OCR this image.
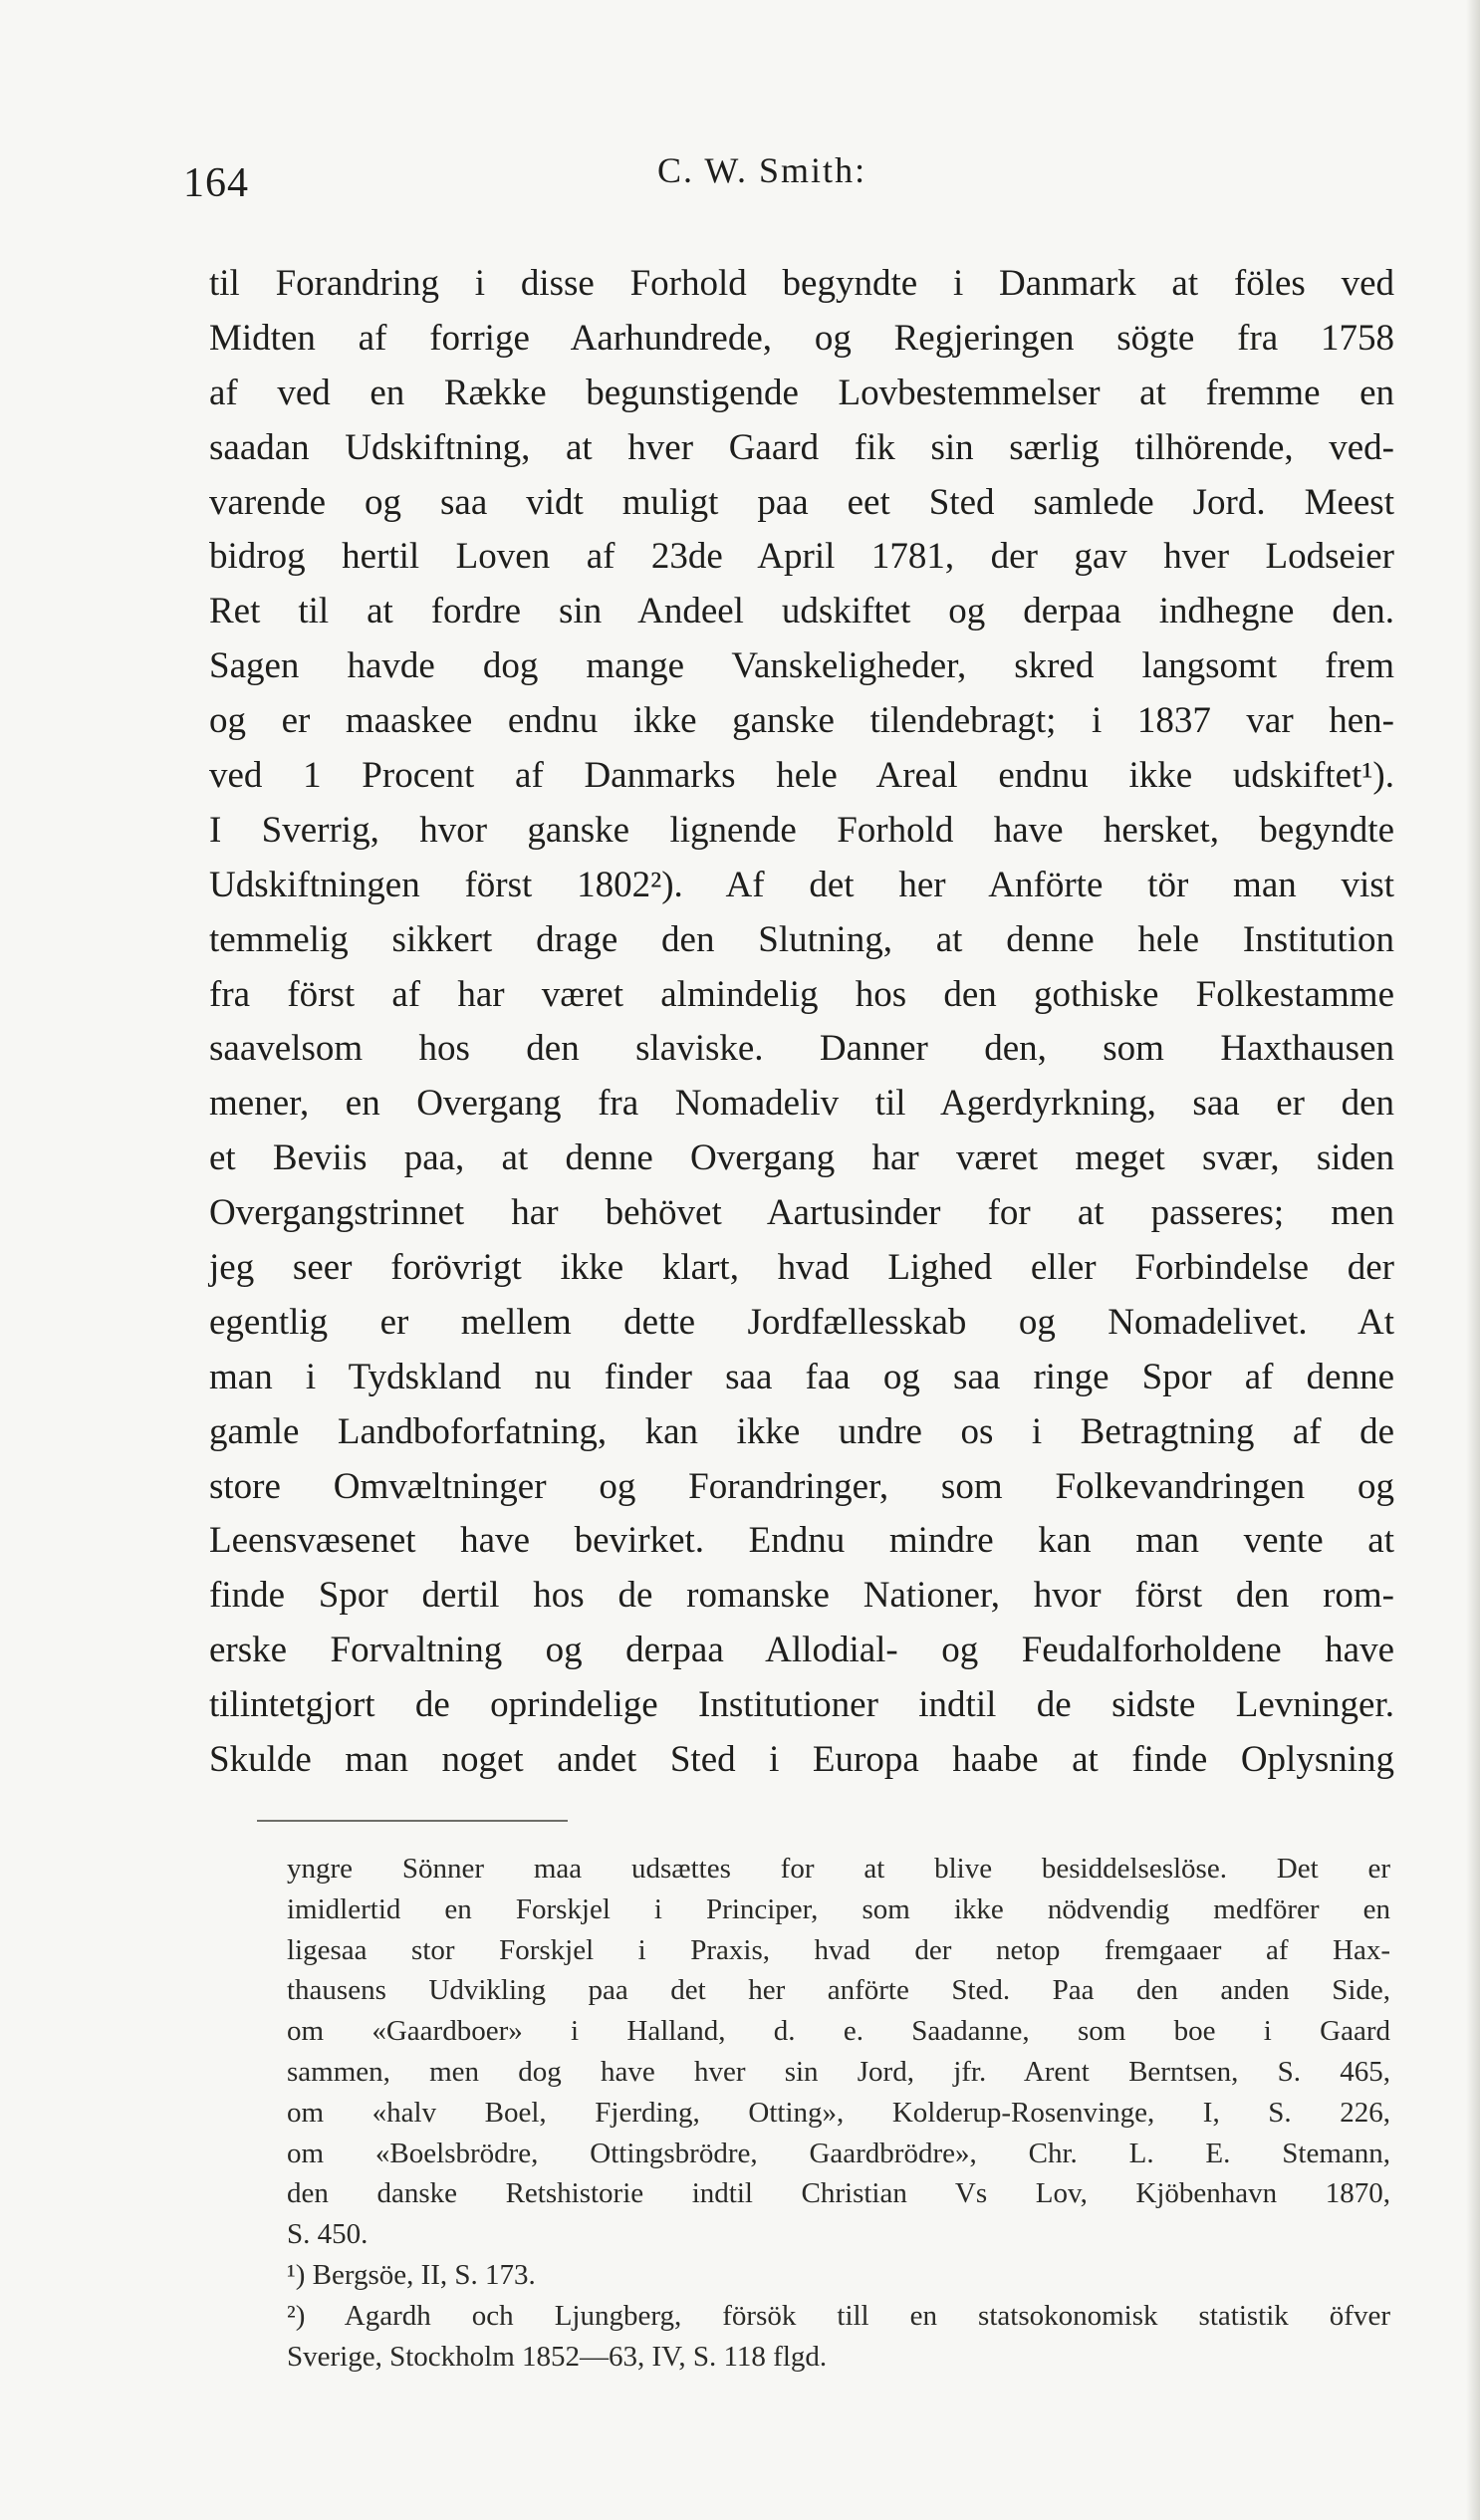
164	C. W. Smith:
til Forandring i disse Forhold begyndte i Danmark at föles ved
Midten af forrige Aarhundrede, og Regjeringen sögte fra 1758
af ved en Række begunstigende Lovbestemmelser at fremme en
saadan Udskiftning, at hver Gaard fik sin særlig tilhörende, ved-
varende og saa vidt muligt paa eet Sted samlede Jord. Meest
bidrog hertil Loven af 23de April 1781, der gav hver Lodseier
Ret til at fordre sin Andeel udskiftet og derpaa indhegne den.
Sagen havde dog mange Vanskeligheder, skred langsomt frem
og er maaskee endnu ikke ganske tilendebragt; i 1837 var hen-
ved 1 Procent af Danmarks hele Areal endnu ikke udskiftet¹).
I Sverrig, hvor ganske lignende Forhold have hersket, begyndte
Udskiftningen först 1802²). Af det her Anförte tör man vist
temmelig sikkert drage den Slutning, at denne hele Institution
fra först af har været almindelig hos den gothiske Folkestamme
saavelsom hos den slaviske. Danner den, som Haxthausen
mener, en Overgang fra Nomadeliv til Agerdyrkning, saa er den
et Beviis paa, at denne Overgang har været meget svær, siden
Overgangstrinnet har behövet Aartusinder for at passeres; men
jeg seer forövrigt ikke klart, hvad Lighed eller Forbindelse der
egentlig er mellem dette Jordfællesskab og Nomadelivet. At
man i Tydskland nu finder saa faa og saa ringe Spor af denne
gamle Landboforfatning, kan ikke undre os i Betragtning af de
store Omvæltninger og Forandringer, som Folkevandringen og
Leensvæsenet have bevirket. Endnu mindre kan man vente at
finde Spor dertil hos de romanske Nationer, hvor först den rom-
erske Forvaltning og derpaa Allodial- og Feudalforholdene have
tilintetgjort de oprindelige Institutioner indtil de sidste Levninger.
Skulde man noget andet Sted i Europa haabe at finde Oplysning
yngre Sönner maa udsættes for at blive besiddelseslöse. Det er
imidlertid en Forskjel i Principer, som ikke nödvendig medförer en
ligesaa stor Forskjel i Praxis, hvad der netop fremgaaer af Hax-
thausens Udvikling paa det her anförte Sted. Paa den anden Side,
om «Gaardboer» i Halland, d. e. Saadanne, som boe i Gaard
sammen, men dog have hver sin Jord, jfr. Arent Berntsen, S. 465,
om «halv Boel, Fjerding, Otting», Kolderup-Rosenvinge, I, S. 226,
om «Boelsbrödre, Ottingsbrödre, Gaardbrödre», Chr. L. E. Stemann,
den danske Retshistorie indtil Christian Vs Lov, Kjöbenhavn 1870,
S. 450.
¹) Bergsöe, II, S. 173.
²) Agardh och Ljungberg, försök till en statsokonomisk statistik öfver
Sverige, Stockholm 1852—63, IV, S. 118 flgd.
